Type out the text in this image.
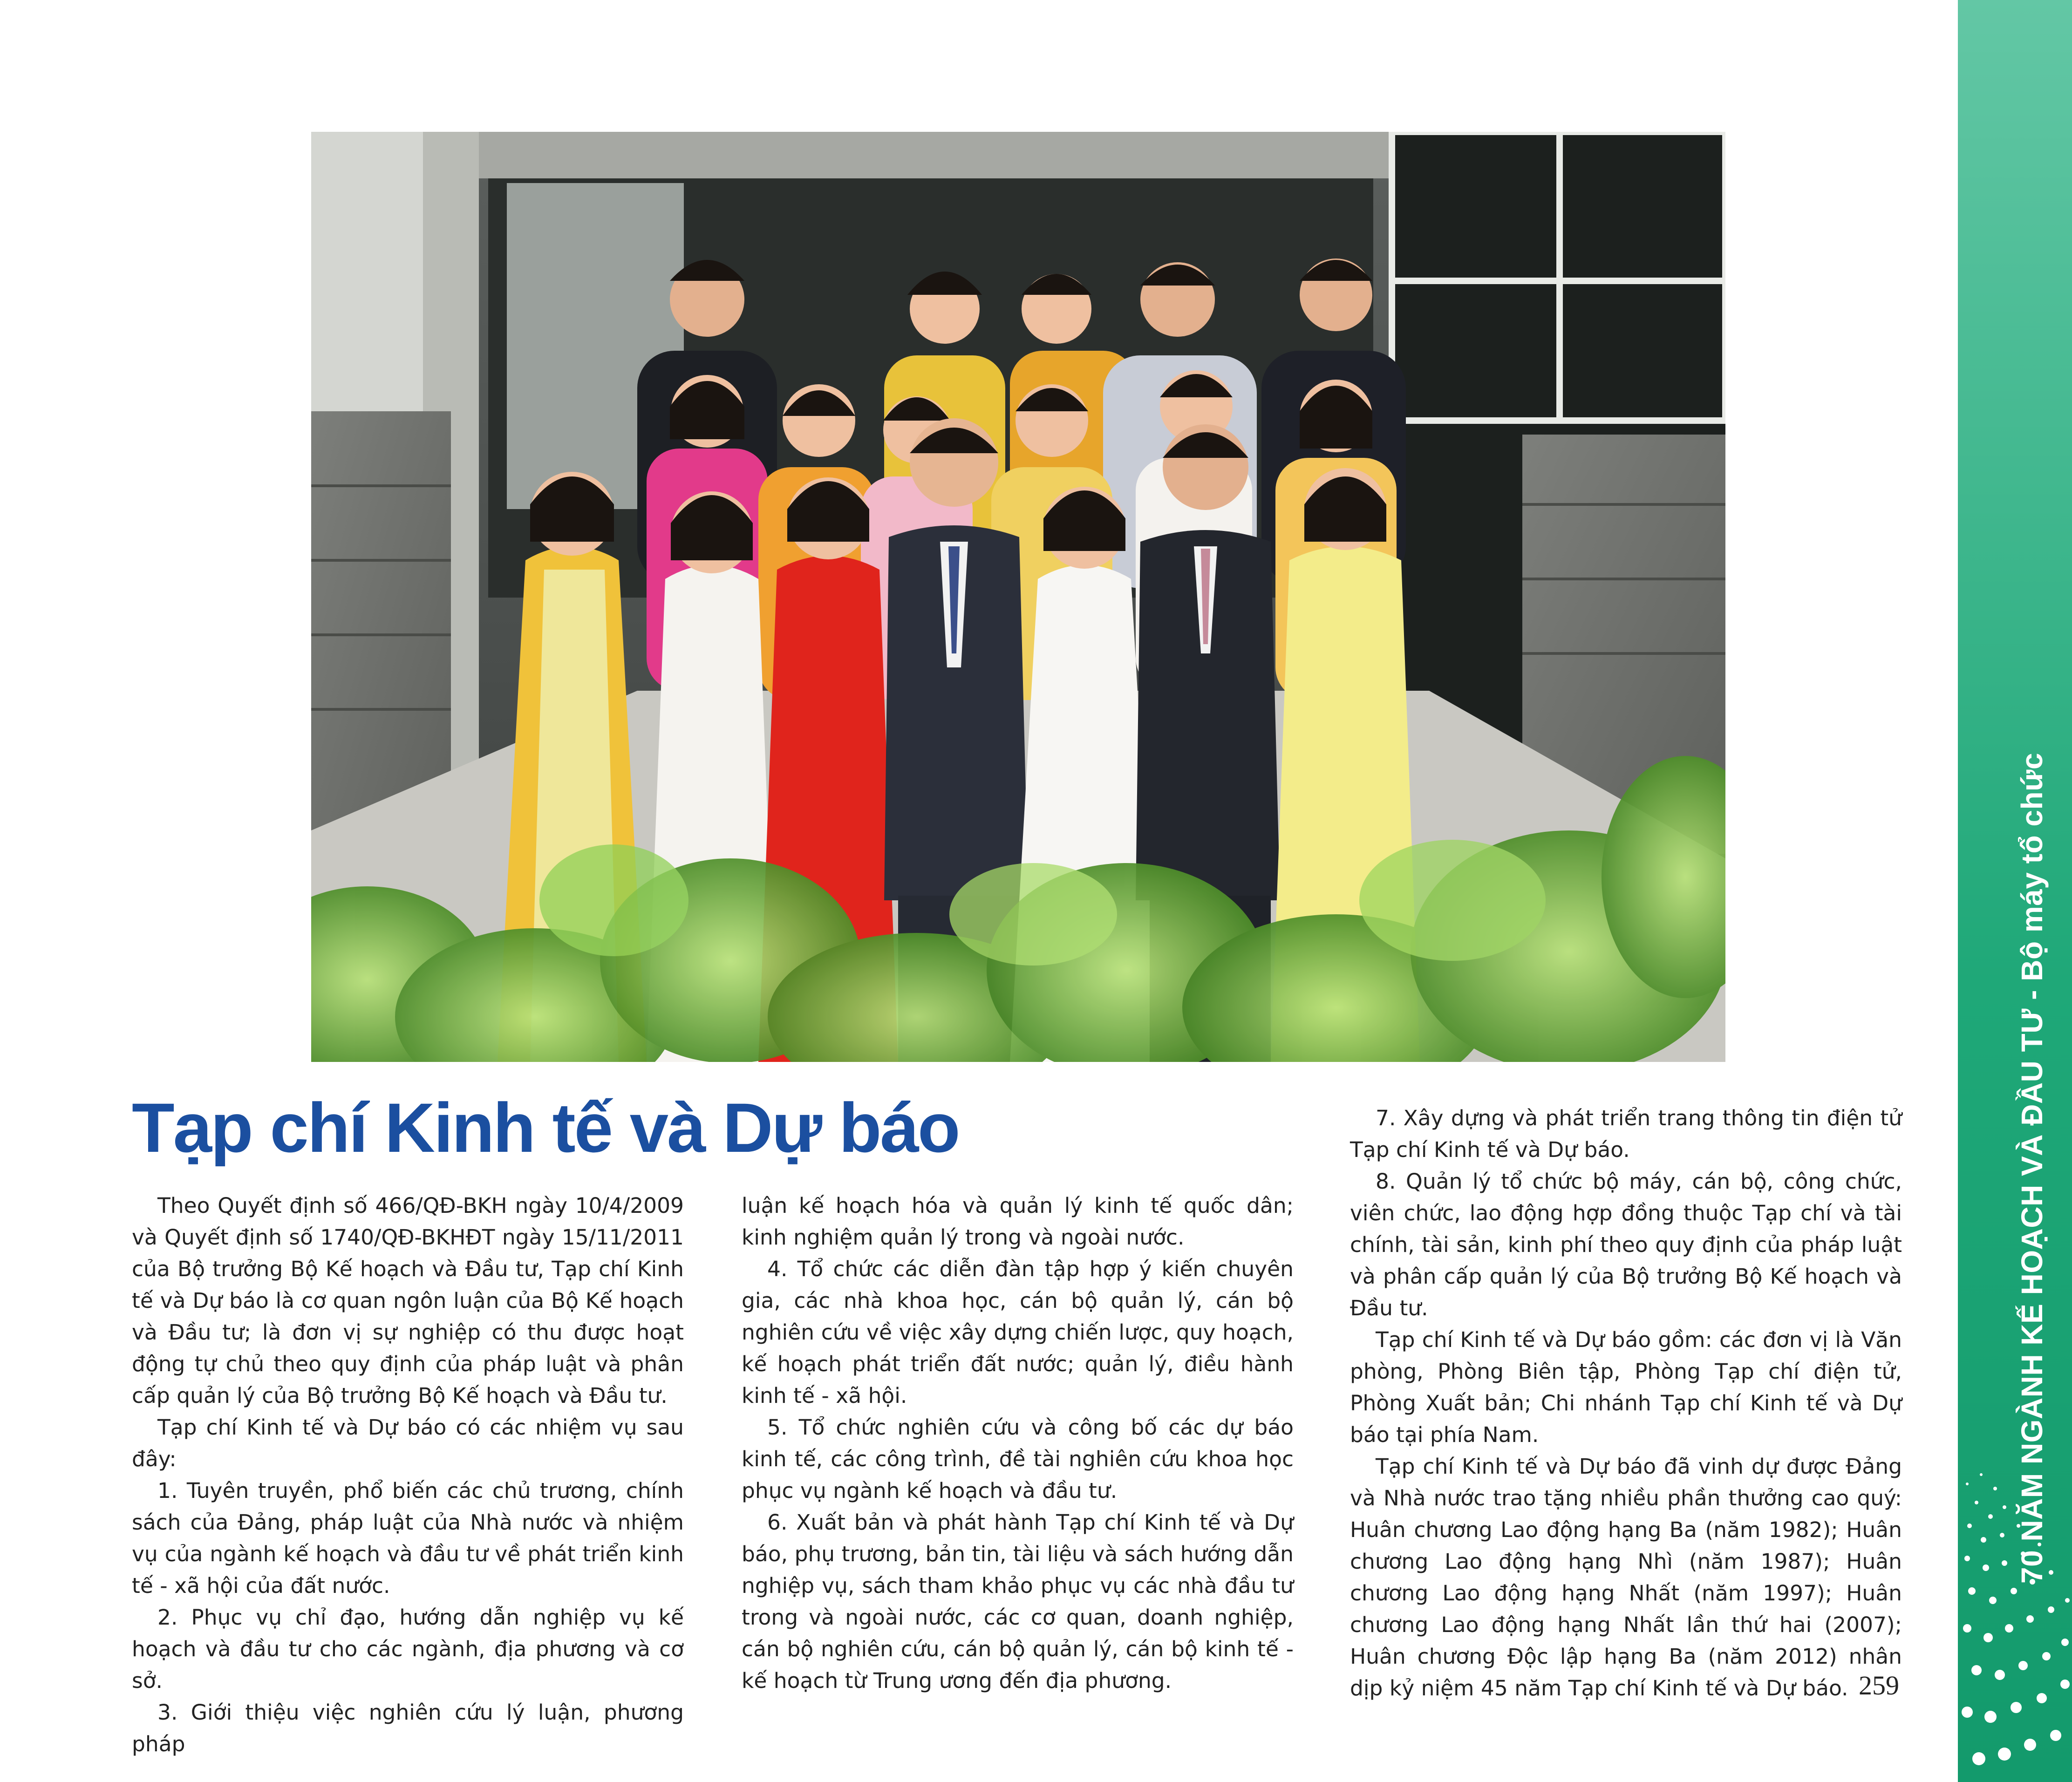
Tạp chí Kinh tế và Dự báo

Theo Quyết định số 466/QĐ-BKH ngày 10/4/2009 và Quyết định số 1740/QĐ-BKHĐT ngày 15/11/2011 của Bộ trưởng Bộ Kế hoạch và Đầu tư, Tạp chí Kinh tế và Dự báo là cơ quan ngôn luận của Bộ Kế hoạch và Đầu tư; là đơn vị sự nghiệp có thu được hoạt động tự chủ theo quy định của pháp luật và phân cấp quản lý của Bộ trưởng Bộ Kế hoạch và Đầu tư.

Tạp chí Kinh tế và Dự báo có các nhiệm vụ sau đây:

1. Tuyên truyền, phổ biến các chủ trương, chính sách của Đảng, pháp luật của Nhà nước và nhiệm vụ của ngành kế hoạch và đầu tư về phát triển kinh tế - xã hội của đất nước.

2. Phục vụ chỉ đạo, hướng dẫn nghiệp vụ kế hoạch và đầu tư cho các ngành, địa phương và cơ sở.

3. Giới thiệu việc nghiên cứu lý luận, phương pháp

luận kế hoạch hóa và quản lý kinh tế quốc dân; kinh nghiệm quản lý trong và ngoài nước.

4. Tổ chức các diễn đàn tập hợp ý kiến chuyên gia, các nhà khoa học, cán bộ quản lý, cán bộ nghiên cứu về việc xây dựng chiến lược, quy hoạch, kế hoạch phát triển đất nước; quản lý, điều hành kinh tế - xã hội.

5. Tổ chức nghiên cứu và công bố các dự báo kinh tế, các công trình, đề tài nghiên cứu khoa học phục vụ ngành kế hoạch và đầu tư.

6. Xuất bản và phát hành Tạp chí Kinh tế và Dự báo, phụ trương, bản tin, tài liệu và sách hướng dẫn nghiệp vụ, sách tham khảo phục vụ các nhà đầu tư trong và ngoài nước, các cơ quan, doanh nghiệp, cán bộ nghiên cứu, cán bộ quản lý, cán bộ kinh tế - kế hoạch từ Trung ương đến địa phương.

7. Xây dựng và phát triển trang thông tin điện tử Tạp chí Kinh tế và Dự báo.

8. Quản lý tổ chức bộ máy, cán bộ, công chức, viên chức, lao động hợp đồng thuộc Tạp chí và tài chính, tài sản, kinh phí theo quy định của pháp luật và phân cấp quản lý của Bộ trưởng Bộ Kế hoạch và Đầu tư.

Tạp chí Kinh tế và Dự báo gồm: các đơn vị là Văn phòng, Phòng Biên tập, Phòng Tạp chí điện tử, Phòng Xuất bản; Chi nhánh Tạp chí Kinh tế và Dự báo tại phía Nam.

Tạp chí Kinh tế và Dự báo đã vinh dự được Đảng và Nhà nước trao tặng nhiều phần thưởng cao quý: Huân chương Lao động hạng Ba (năm 1982); Huân chương Lao động hạng Nhì (năm 1987); Huân chương Lao động hạng Nhất (năm 1997); Huân chương Lao động hạng Nhất lần thứ hai (2007); Huân chương Độc lập hạng Ba (năm 2012) nhân dịp kỷ niệm 45 năm Tạp chí Kinh tế và Dự báo.

70 NĂM NGÀNH KẾ HOẠCH VÀ ĐẦU TƯ - Bộ máy tổ chức
259
